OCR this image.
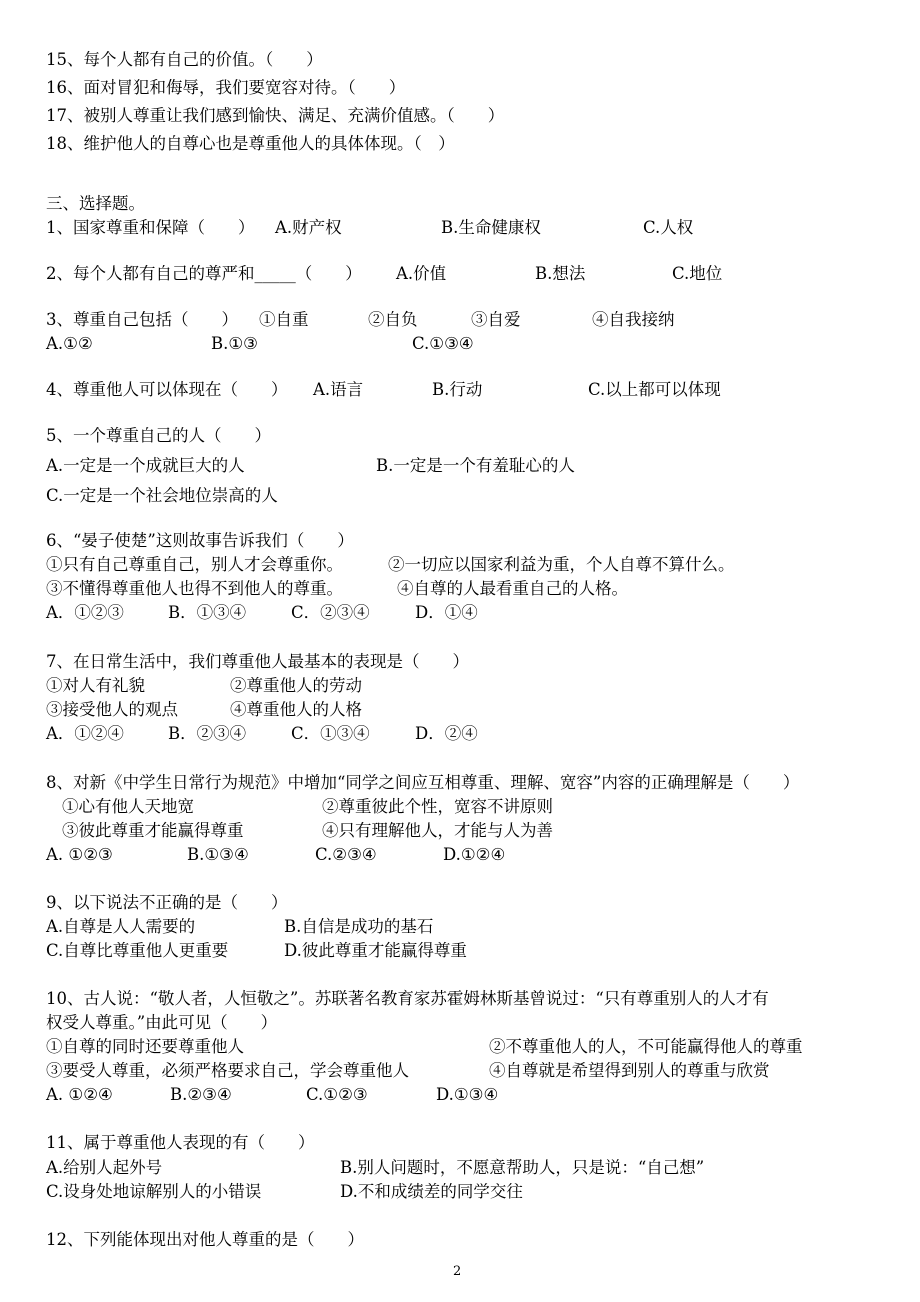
15、每个人都有自己的价值。（　　）
16、面对冒犯和侮辱，我们要宽容对待。（　　）
17、被别人尊重让我们感到愉快、满足、充满价值感。（　　）
18、维护他人的自尊心也是尊重他人的具体体现。（　）
三、选择题。
1、国家尊重和保障（　　） A.财产权	B.生命健康权	C.人权
2、每个人都有自己的尊严和_____（　　） A.价值	B.想法	C.地位
3、尊重自己包括（　　） ①自重	②自负	③自爱	④自我接纳
A.①②	B.①③	C.①③④
4、尊重他人可以体现在（　　） A.语言	B.行动	C.以上都可以体现
5、一个尊重自己的人（　　）
A.一定是一个成就巨大的人	B.一定是一个有羞耻心的人
C.一定是一个社会地位崇高的人
6、“晏子使楚”这则故事告诉我们（　　）
①只有自己尊重自己，别人才会尊重你。	②一切应以国家利益为重，个人自尊不算什么。
③不懂得尊重他人也得不到他人的尊重。	④自尊的人最看重自己的人格。
A．①②③	B．①③④	C．②③④	D．①④
7、在日常生活中，我们尊重他人最基本的表现是（　　）
①对人有礼貌	②尊重他人的劳动
③接受他人的观点	④尊重他人的人格
A．①②④	B．②③④	C．①③④	D．②④
8、对新《中学生日常行为规范》中增加“同学之间应互相尊重、理解、宽容”内容的正确理解是（　　）
①心有他人天地宽	②尊重彼此个性，宽容不讲原则
③彼此尊重才能赢得尊重	④只有理解他人，才能与人为善
A. ①②③	B.①③④	C.②③④	D.①②④
9、以下说法不正确的是（　　）
A.自尊是人人需要的	B.自信是成功的基石
C.自尊比尊重他人更重要	D.彼此尊重才能赢得尊重
10、古人说：“敬人者，人恒敬之”。苏联著名教育家苏霍姆林斯基曾说过：“只有尊重别人的人才有
权受人尊重。”由此可见（　　）
①自尊的同时还要尊重他人	②不尊重他人的人，不可能赢得他人的尊重
③要受人尊重，必须严格要求自己，学会尊重他人	④自尊就是希望得到别人的尊重与欣赏
A. ①②④	B.②③④	C.①②③	D.①③④
11、属于尊重他人表现的有（　　）
A.给别人起外号	B.别人问题时，不愿意帮助人，只是说：“自己想”
C.设身处地谅解别人的小错误	D.不和成绩差的同学交往
12、下列能体现出对他人尊重的是（　　）
2
